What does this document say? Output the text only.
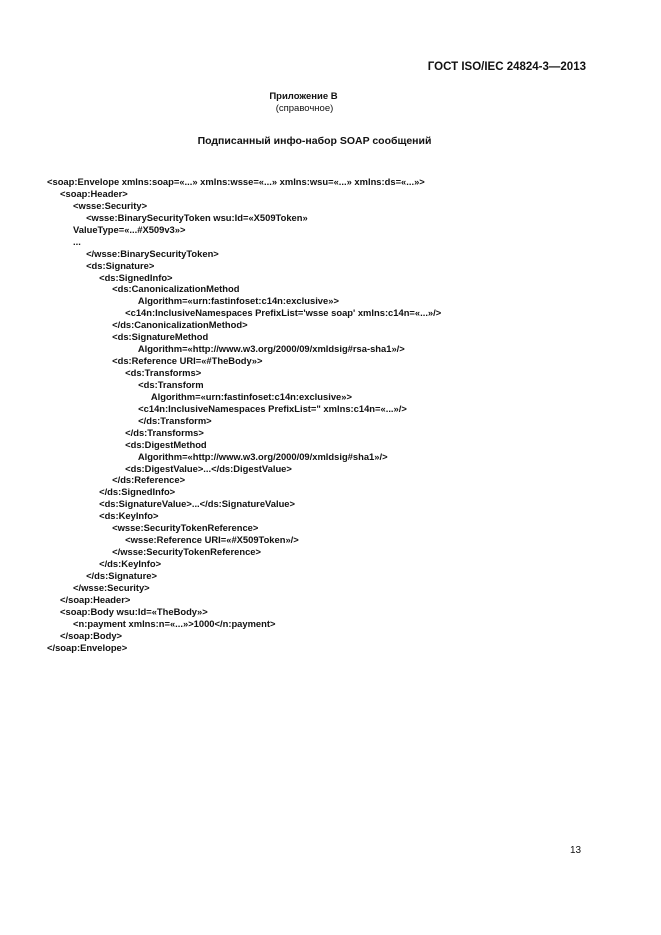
ГОСТ ISO/IEC 24824-3—2013
Приложение В
(справочное)
Подписанный инфо-набор SOAP сообщений
<soap:Envelope xmlns:soap=«...» xmlns:wsse=«...» xmlns:wsu=«...» xmlns:ds=«...»>
<soap:Header>
<wsse:Security>
<wsse:BinarySecurityToken wsu:Id=«X509Token»
ValueType=«...#X509v3»>
...
</wsse:BinarySecurityToken>
<ds:Signature>
<ds:SignedInfo>
<ds:CanonicalizationMethod
Algorithm=«urn:fastinfoset:c14n:exclusive»>
<c14n:InclusiveNamespaces PrefixList='wsse soap' xmlns:c14n=«...»/>
</ds:CanonicalizationMethod>
<ds:SignatureMethod
Algorithm=«http://www.w3.org/2000/09/xmldsig#rsa-sha1»/>
<ds:Reference URI=«#TheBody»>
<ds:Transforms>
<ds:Transform
Algorithm=«urn:fastinfoset:c14n:exclusive»>
<c14n:InclusiveNamespaces PrefixList=" xmlns:c14n=«...»/>
</ds:Transform>
</ds:Transforms>
<ds:DigestMethod
Algorithm=«http://www.w3.org/2000/09/xmldsig#sha1»/>
<ds:DigestValue>...</ds:DigestValue>
</ds:Reference>
</ds:SignedInfo>
<ds:SignatureValue>...</ds:SignatureValue>
<ds:KeyInfo>
<wsse:SecurityTokenReference>
<wsse:Reference URI=«#X509Token»/>
</wsse:SecurityTokenReference>
</ds:KeyInfo>
</ds:Signature>
</wsse:Security>
</soap:Header>
<soap:Body wsu:Id=«TheBody»>
<n:payment xmlns:n=«...»>1000</n:payment>
</soap:Body>
</soap:Envelope>
13
